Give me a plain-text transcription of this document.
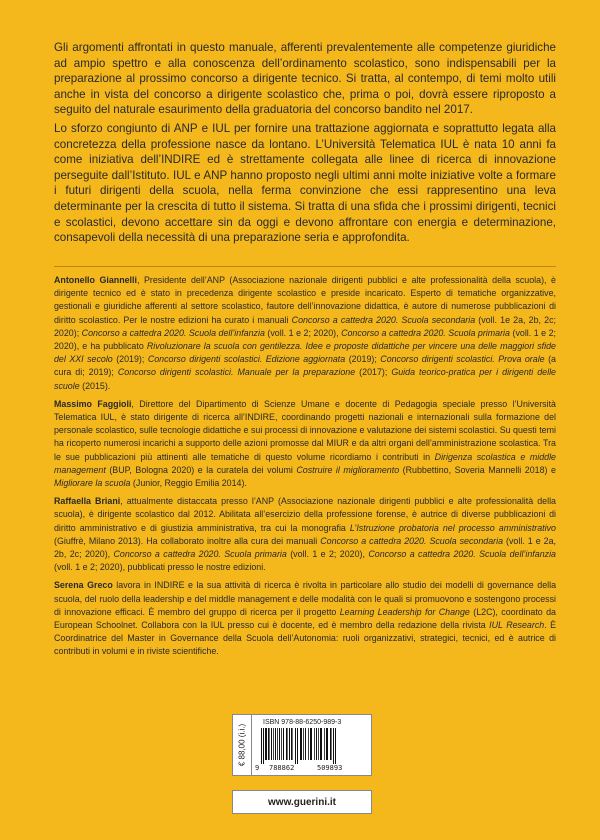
Gli argomenti affrontati in questo manuale, afferenti prevalentemente alle competenze giuridiche ad ampio spettro e alla conoscenza dell’ordinamento scolastico, sono indispensabili per la preparazione al prossimo concorso a dirigente tecnico. Si tratta, al contempo, di temi molto utili anche in vista del concorso a dirigente scolastico che, prima o poi, dovrà essere riproposto a seguito del naturale esaurimento della graduatoria del concorso bandito nel 2017.

Lo sforzo congiunto di ANP e IUL per fornire una trattazione aggiornata e soprattutto legata alla concretezza della professione nasce da lontano. L’Università Telematica IUL è nata 10 anni fa come iniziativa dell’INDIRE ed è strettamente collegata alle linee di ricerca di innovazione perseguite dall’Istituto. IUL e ANP hanno proposto negli ultimi anni molte iniziative volte a formare i futuri dirigenti della scuola, nella ferma convinzione che essi rappresentino una leva determinante per la crescita di tutto il sistema. Si tratta di una sfida che i prossimi dirigenti, tecnici e scolastici, devono accettare sin da oggi e devono affrontare con energia e determinazione, consapevoli della necessità di una preparazione seria e approfondita.

Antonello Giannelli, Presidente dell’ANP (Associazione nazionale dirigenti pubblici e alte professionalità della scuola), è dirigente tecnico ed è stato in precedenza dirigente scolastico e preside incaricato. Esperto di tematiche organizzative, gestionali e giuridiche afferenti al settore scolastico, fautore dell’innovazione didattica, è autore di numerose pubblicazioni di diritto scolastico. Per le nostre edizioni ha curato i manuali Concorso a cattedra 2020. Scuola secondaria (voll. 1e 2a, 2b, 2c; 2020); Concorso a cattedra 2020. Scuola dell’infanzia (voll. 1 e 2; 2020), Concorso a cattedra 2020. Scuola primaria (voll. 1 e 2; 2020), e ha pubblicato Rivoluzionare la scuola con gentilezza. Idee e proposte didattiche per vincere una delle maggiori sfide del XXI secolo (2019); Concorso dirigenti scolastici. Edizione aggiornata (2019); Concorso dirigenti scolastici. Prova orale (a cura di; 2019); Concorso dirigenti scolastici. Manuale per la preparazione (2017); Guida teorico-pratica per i dirigenti delle scuole (2015).

Massimo Faggioli, Direttore del Dipartimento di Scienze Umane e docente di Pedagogia speciale presso l’Università Telematica IUL, è stato dirigente di ricerca all’INDIRE, coordinando progetti nazionali e internazionali sulla formazione del personale scolastico, sulle tecnologie didattiche e sui processi di innovazione e valutazione dei sistemi scolastici. Su questi temi ha ricoperto numerosi incarichi a supporto delle azioni promosse dal MIUR e da altri organi dell’amministrazione scolastica. Tra le sue pubblicazioni più attinenti alle tematiche di questo volume ricordiamo i contributi in Dirigenza scolastica e middle management (BUP, Bologna 2020) e la curatela dei volumi Costruire il miglioramento (Rubbettino, Soveria Mannelli 2018) e Migliorare la scuola (Junior, Reggio Emilia 2014).

Raffaella Briani, attualmente distaccata presso l’ANP (Associazione nazionale dirigenti pubblici e alte professionalità della scuola), è dirigente scolastico dal 2012. Abilitata all’esercizio della professione forense, è autrice di diverse pubblicazioni di diritto amministrativo e di giustizia amministrativa, tra cui la monografia L’Istruzione probatoria nel processo amministrativo (Giuffrè, Milano 2013). Ha collaborato inoltre alla cura dei manuali Concorso a cattedra 2020. Scuola secondaria (voll. 1 e 2a, 2b, 2c; 2020), Concorso a cattedra 2020. Scuola primaria (voll. 1 e 2; 2020), Concorso a cattedra 2020. Scuola dell’infanzia (voll. 1 e 2; 2020), pubblicati presso le nostre edizioni.

Serena Greco lavora in INDIRE e la sua attività di ricerca è rivolta in particolare allo studio dei modelli di governance della scuola, del ruolo della leadership e del middle management e delle modalità con le quali si promuovono e sostengono processi di innovazione efficaci. È membro del gruppo di ricerca per il progetto Learning Leadership for Change (L2C), coordinato da European Schoolnet. Collabora con la IUL presso cui è docente, ed è membro della redazione della rivista IUL Research. È Coordinatrice del Master in Governance della Scuola dell’Autonomia: ruoli organizzativi, strategici, tecnici, ed è autrice di contributi in volumi e in riviste scientifiche.

€ 88,00 (i.i.)
ISBN 978-88-6250-989-3
9 788862	509893
www.guerini.it
